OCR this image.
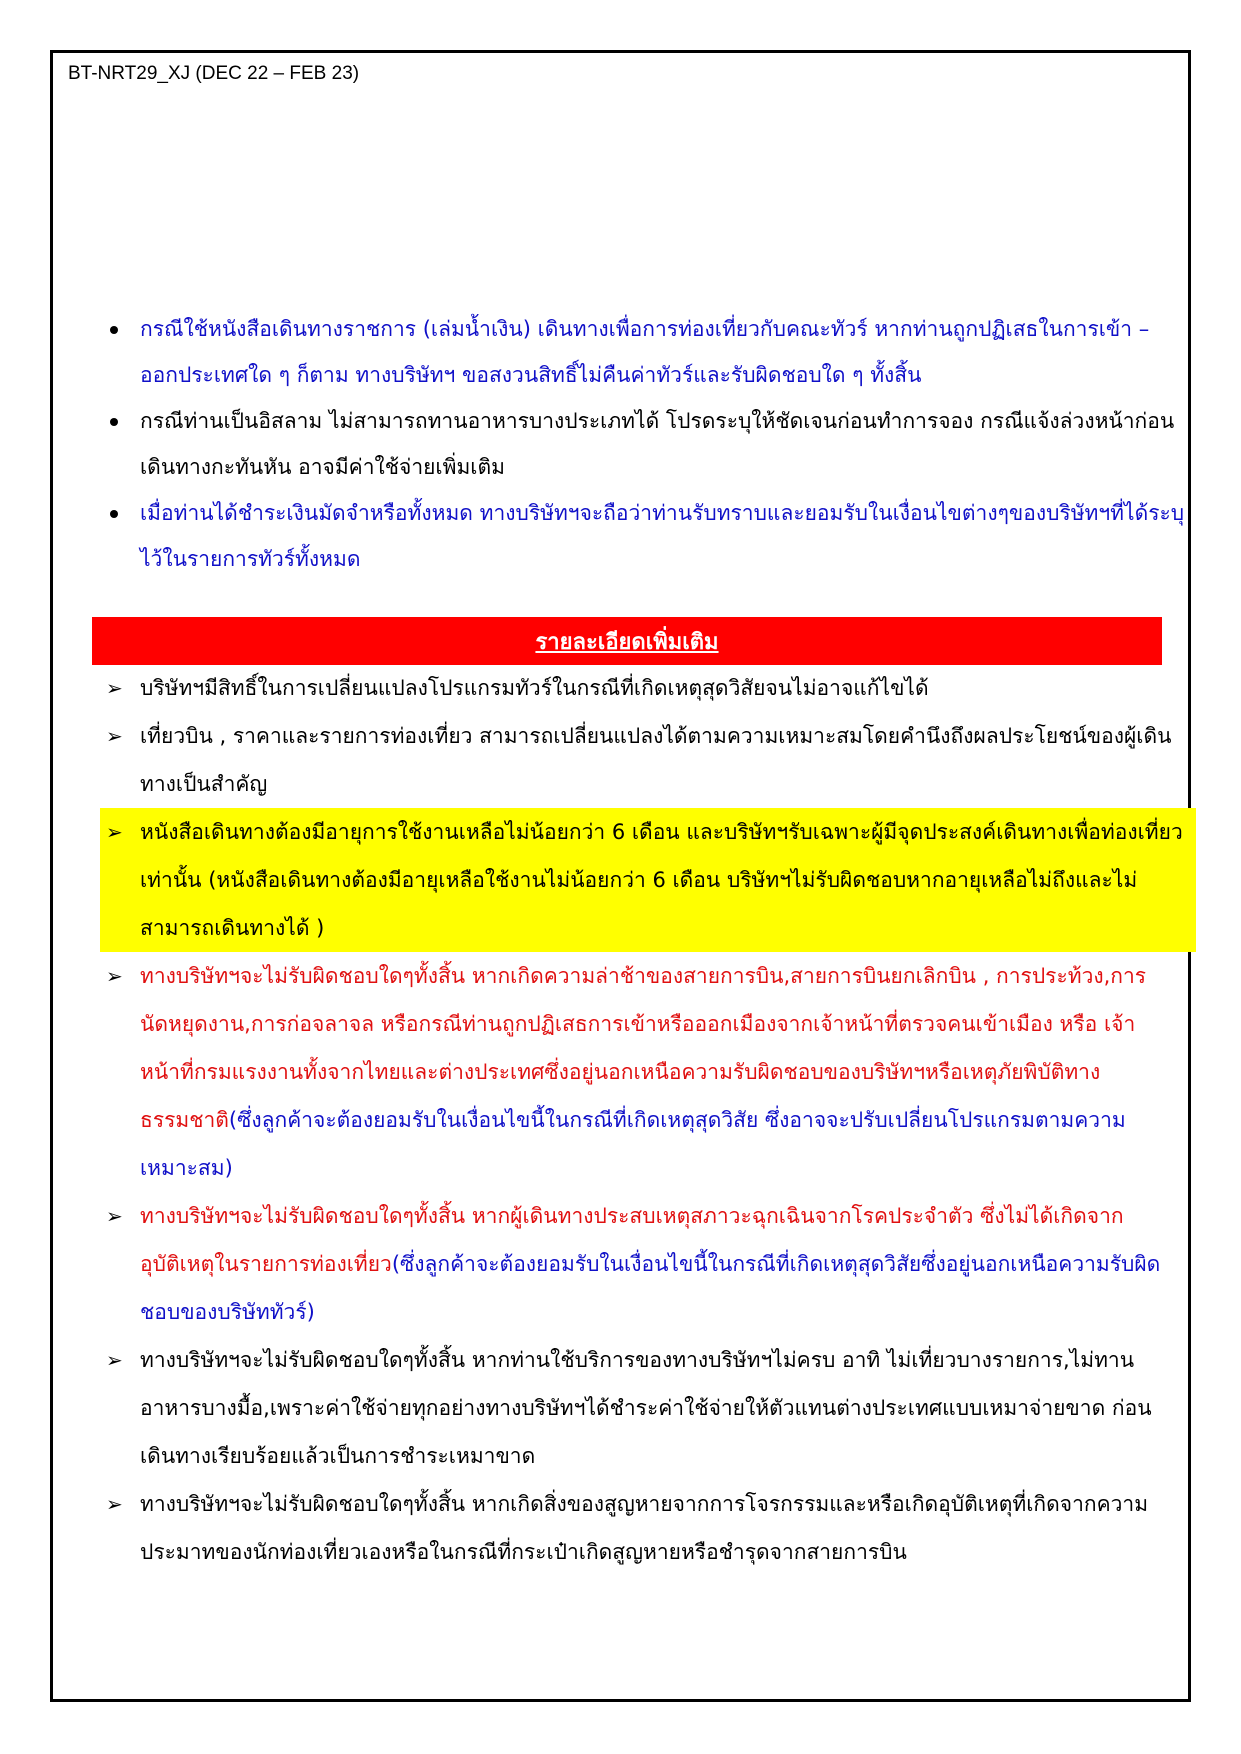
BT-NRT29_XJ (DEC 22 – FEB 23)

กรณีใช้หนังสือเดินทางราชการ (เล่มน้ำเงิน) เดินทางเพื่อการท่องเที่ยวกับคณะทัวร์ หากท่านถูกปฏิเสธในการเข้า – ออกประเทศใด ๆ ก็ตาม ทางบริษัทฯ ขอสงวนสิทธิ์ไม่คืนค่าทัวร์และรับผิดชอบใด ๆ ทั้งสิ้น

กรณีท่านเป็นอิสลาม ไม่สามารถทานอาหารบางประเภทได้ โปรดระบุให้ชัดเจนก่อนทำการจอง กรณีแจ้งล่วงหน้าก่อนเดินทางกะทันหัน อาจมีค่าใช้จ่ายเพิ่มเติม

เมื่อท่านได้ชำระเงินมัดจำหรือทั้งหมด ทางบริษัทฯจะถือว่าท่านรับทราบและยอมรับในเงื่อนไขต่างๆของบริษัทฯที่ได้ระบุไว้ในรายการทัวร์ทั้งหมด

รายละเอียดเพิ่มเติม

➢ บริษัทฯมีสิทธิ์ในการเปลี่ยนแปลงโปรแกรมทัวร์ในกรณีที่เกิดเหตุสุดวิสัยจนไม่อาจแก้ไขได้

➢ เที่ยวบิน , ราคาและรายการท่องเที่ยว สามารถเปลี่ยนแปลงได้ตามความเหมาะสมโดยคำนึงถึงผลประโยชน์ของผู้เดินทางเป็นสำคัญ

➢ หนังสือเดินทางต้องมีอายุการใช้งานเหลือไม่น้อยกว่า 6 เดือน และบริษัทฯรับเฉพาะผู้มีจุดประสงค์เดินทางเพื่อท่องเที่ยวเท่านั้น (หนังสือเดินทางต้องมีอายุเหลือใช้งานไม่น้อยกว่า 6 เดือน บริษัทฯไม่รับผิดชอบหากอายุเหลือไม่ถึงและไม่สามารถเดินทางได้ )

➢ ทางบริษัทฯจะไม่รับผิดชอบใดๆทั้งสิ้น หากเกิดความล่าช้าของสายการบิน,สายการบินยกเลิกบิน , การประท้วง,การนัดหยุดงาน,การก่อจลาจล หรือกรณีท่านถูกปฏิเสธการเข้าหรือออกเมืองจากเจ้าหน้าที่ตรวจคนเข้าเมือง หรือ เจ้าหน้าที่กรมแรงงานทั้งจากไทยและต่างประเทศซึ่งอยู่นอกเหนือความรับผิดชอบของบริษัทฯหรือเหตุภัยพิบัติทางธรรมชาติ(ซึ่งลูกค้าจะต้องยอมรับในเงื่อนไขนี้ในกรณีที่เกิดเหตุสุดวิสัย ซึ่งอาจจะปรับเปลี่ยนโปรแกรมตามความเหมาะสม)

➢ ทางบริษัทฯจะไม่รับผิดชอบใดๆทั้งสิ้น หากผู้เดินทางประสบเหตุสภาวะฉุกเฉินจากโรคประจำตัว ซึ่งไม่ได้เกิดจากอุบัติเหตุในรายการท่องเที่ยว(ซึ่งลูกค้าจะต้องยอมรับในเงื่อนไขนี้ในกรณีที่เกิดเหตุสุดวิสัยซึ่งอยู่นอกเหนือความรับผิดชอบของบริษัททัวร์)

➢ ทางบริษัทฯจะไม่รับผิดชอบใดๆทั้งสิ้น หากท่านใช้บริการของทางบริษัทฯไม่ครบ อาทิ ไม่เที่ยวบางรายการ,ไม่ทานอาหารบางมื้อ,เพราะค่าใช้จ่ายทุกอย่างทางบริษัทฯได้ชำระค่าใช้จ่ายให้ตัวแทนต่างประเทศแบบเหมาจ่ายขาด ก่อนเดินทางเรียบร้อยแล้วเป็นการชำระเหมาขาด

➢ ทางบริษัทฯจะไม่รับผิดชอบใดๆทั้งสิ้น หากเกิดสิ่งของสูญหายจากการโจรกรรมและหรือเกิดอุบัติเหตุที่เกิดจากความประมาทของนักท่องเที่ยวเองหรือในกรณีที่กระเป๋าเกิดสูญหายหรือชำรุดจากสายการบิน
